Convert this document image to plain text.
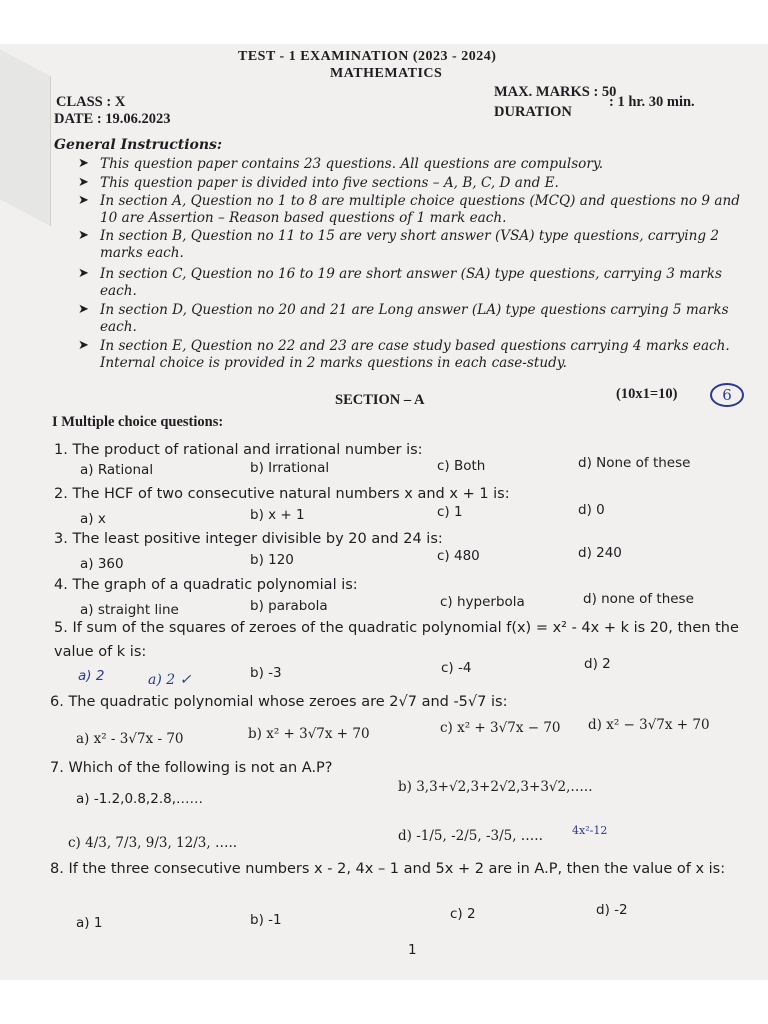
TEST - 1 EXAMINATION (2023 - 2024)
MATHEMATICS
CLASS : X
DATE : 19.06.2023
MAX. MARKS : 50
DURATION
: 1 hr. 30 min.
General Instructions:
➤ This question paper contains 23 questions. All questions are compulsory.
➤ This question paper is divided into five sections – A, B, C, D and E.
➤ In section A, Question no 1 to 8 are multiple choice questions (MCQ) and questions no 9 and 10 are Assertion – Reason based questions of 1 mark each.
➤ In section B, Question no 11 to 15 are very short answer (VSA) type questions, carrying 2 marks each.
➤ In section C, Question no 16 to 19 are short answer (SA) type questions, carrying 3 marks each.
➤ In section D, Question no 20 and 21 are Long answer (LA) type questions carrying 5 marks each.
➤ In section E, Question no 22 and 23 are case study based questions carrying 4 marks each. Internal choice is provided in 2 marks questions in each case-study.
SECTION – A	(10x1=10)	6
I Multiple choice questions:
1. The product of rational and irrational number is:
a) Rational	b) Irrational	c) Both	d) None of these
2. The HCF of two consecutive natural numbers x and x + 1 is:
a) x	b) x + 1	c) 1	d) 0
3. The least positive integer divisible by 20 and 24 is:
a) 360	b) 120	c) 480	d) 240
4. The graph of a quadratic polynomial is:
a) straight line	b) parabola	c) hyperbola	d) none of these
5. If sum of the squares of zeroes of the quadratic polynomial f(x) = x² - 4x + k is 20, then the value of k is:
a) 2	b) -3	c) -4	d) 2
a) 2 ✓
6. The quadratic polynomial whose zeroes are 2√7 and -5√7 is:
a) x² - 3√7x - 70	b) x² + 3√7x + 70	c) x² + 3√7x − 70 d) x² − 3√7x + 70
7. Which of the following is not an A.P?
a) -1.2,0.8,2.8,……
b) 3,3+√2,3+2√2,3+3√2,…..
c) 4/3, 7/3, 9/3, 12/3, …..	d) -1/5, -2/5, -3/5, …..	4x²-12
8. If the three consecutive numbers x - 2, 4x – 1 and 5x + 2 are in A.P, then the value of x is:
a) 1	b) -1	c) 2	d) -2
1
